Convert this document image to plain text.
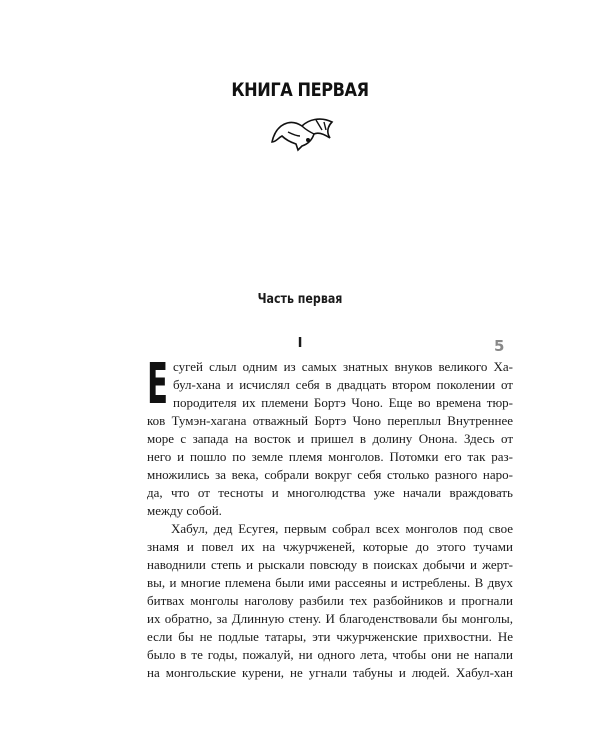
КНИГА ПЕРВАЯ
Часть первая
I	5
Е сугей слыл одним из самых знатных внуков великого Ха-
бул-хана и исчислял себя в двадцать втором поколении от
породителя их племени Бортэ Чоно. Еще во времена тюр-
ков Тумэн-хагана отважный Бортэ Чоно переплыл Внутреннее
море с запада на восток и пришел в долину Онона. Здесь от
него и пошло по земле племя монголов. Потомки его так раз-
множились за века, собрали вокруг себя столько разного наро-
да, что от тесноты и многолюдства уже начали враждовать
между собой.
Хабул, дед Есугея, первым собрал всех монголов под свое
знамя и повел их на чжурчженей, которые до этого тучами
наводнили степь и рыскали повсюду в поисках добычи и жерт-
вы, и многие племена были ими рассеяны и истреблены. В двух
битвах монголы наголову разбили тех разбойников и прогнали
их обратно, за Длинную стену. И благоденствовали бы монголы,
если бы не подлые татары, эти чжурчженские прихвостни. Не
было в те годы, пожалуй, ни одного лета, чтобы они не напали
на монгольские курени, не угнали табуны и людей. Хабул-хан
